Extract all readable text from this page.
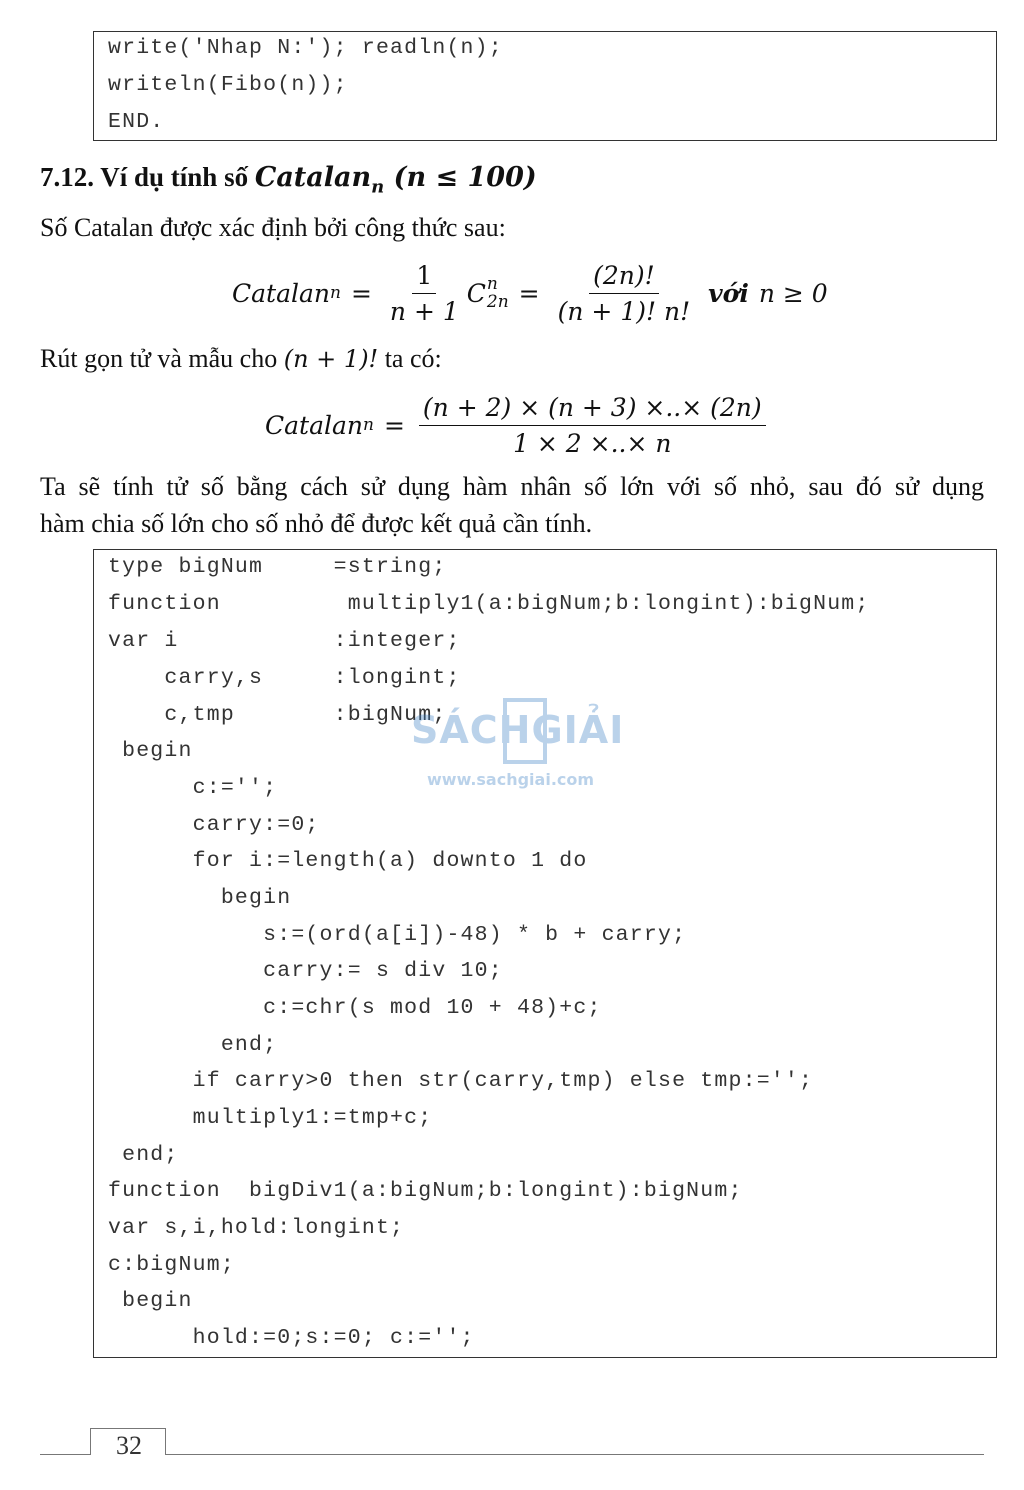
write('Nhap N:'); readln(n);
writeln(Fibo(n));
END.
7.12. Ví dụ tính số Catalan$_n$ (n ≤ 100)
Số Catalan được xác định bởi công thức sau:
Catalan $n = \frac{1}{n + 1}$ C n
$2n = \frac{(2n)!}{(n + 1)! n!}$ với n ≥ 0
Rút gọn tử và mẫu cho (n + 1)! ta có:
Catalan $n = \frac{(n + 2) \times (n + 3) \times..\times (2n)}{1 \times 2 \times..\times n}$
Ta sẽ tính tử số bằng cách sử dụng hàm nhân số lớn với số nhỏ, sau đó sử dụng
hàm chia số lớn cho số nhỏ để được kết quả cần tính.
type bigNum     =string;
function         multiply1(a:bigNum;b:longint):bigNum;
var i           :integer;
carry,s     :longint;
c,tmp       :bigNum;
begin
c:='';
carry:=0;
for i:=length(a) downto 1 do
begin
s:=(ord(a[i])-48) * b + carry;
carry:= s div 10;
c:=chr(s mod 10 + 48)+c;
end;
if carry>0 then str(carry,tmp) else tmp:='';
multiply1:=tmp+c;
end;
function  bigDiv1(a:bigNum;b:longint):bigNum;
var s,i,hold:longint;
c:bigNum;
begin
hold:=0;s:=0; c:='';
SÁCHGIẢI
www.sachgiai.com
32
